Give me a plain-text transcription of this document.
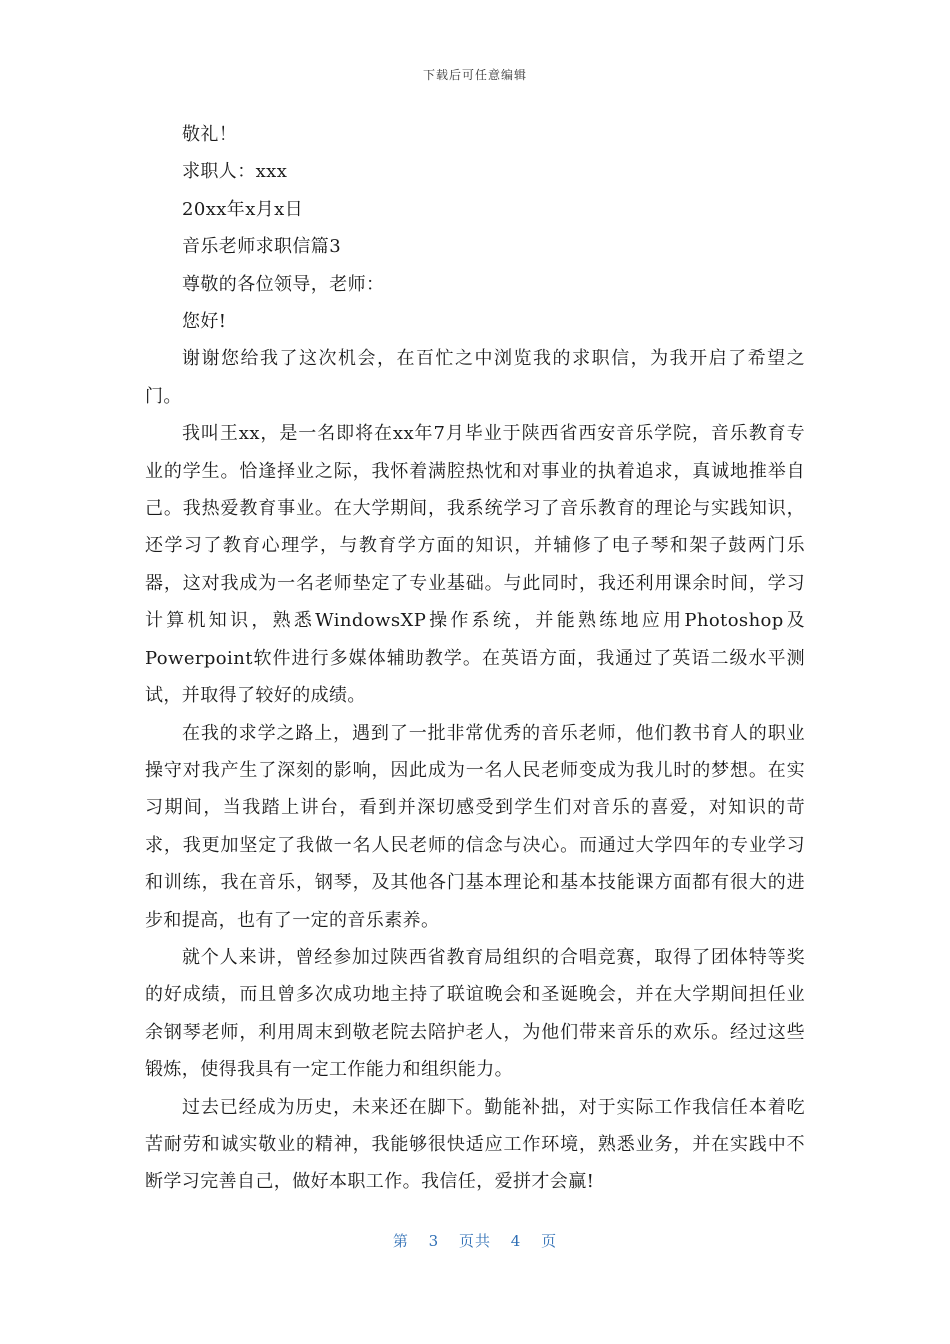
下载后可任意编辑
敬礼！
求职人：xxx
20xx年x月x日
音乐老师求职信篇3
尊敬的各位领导，老师：
您好!

谢谢您给我了这次机会，在百忙之中浏览我的求职信，为我开启了希望之门。

我叫王xx，是一名即将在xx年7月毕业于陕西省西安音乐学院，音乐教育专业的学生。恰逢择业之际，我怀着满腔热忱和对事业的执着追求，真诚地推举自己。我热爱教育事业。在大学期间，我系统学习了音乐教育的理论与实践知识，还学习了教育心理学，与教育学方面的知识，并辅修了电子琴和架子鼓两门乐器，这对我成为一名老师垫定了专业基础。与此同时，我还利用课余时间，学习计算机知识，熟悉WindowsXP操作系统，并能熟练地应用Photoshop及Powerpoint软件进行多媒体辅助教学。在英语方面，我通过了英语二级水平测试，并取得了较好的成绩。

在我的求学之路上，遇到了一批非常优秀的音乐老师，他们教书育人的职业操守对我产生了深刻的影响，因此成为一名人民老师变成为我儿时的梦想。在实习期间，当我踏上讲台，看到并深切感受到学生们对音乐的喜爱，对知识的苛求，我更加坚定了我做一名人民老师的信念与决心。而通过大学四年的专业学习和训练，我在音乐，钢琴，及其他各门基本理论和基本技能课方面都有很大的进步和提高，也有了一定的音乐素养。

就个人来讲，曾经参加过陕西省教育局组织的合唱竞赛，取得了团体特等奖的好成绩，而且曾多次成功地主持了联谊晚会和圣诞晚会，并在大学期间担任业余钢琴老师，利用周末到敬老院去陪护老人，为他们带来音乐的欢乐。经过这些锻炼，使得我具有一定工作能力和组织能力。

过去已经成为历史，未来还在脚下。勤能补拙，对于实际工作我信任本着吃苦耐劳和诚实敬业的精神，我能够很快适应工作环境，熟悉业务，并在实践中不断学习完善自己，做好本职工作。我信任，爱拼才会赢!

第 3 页共 4 页
